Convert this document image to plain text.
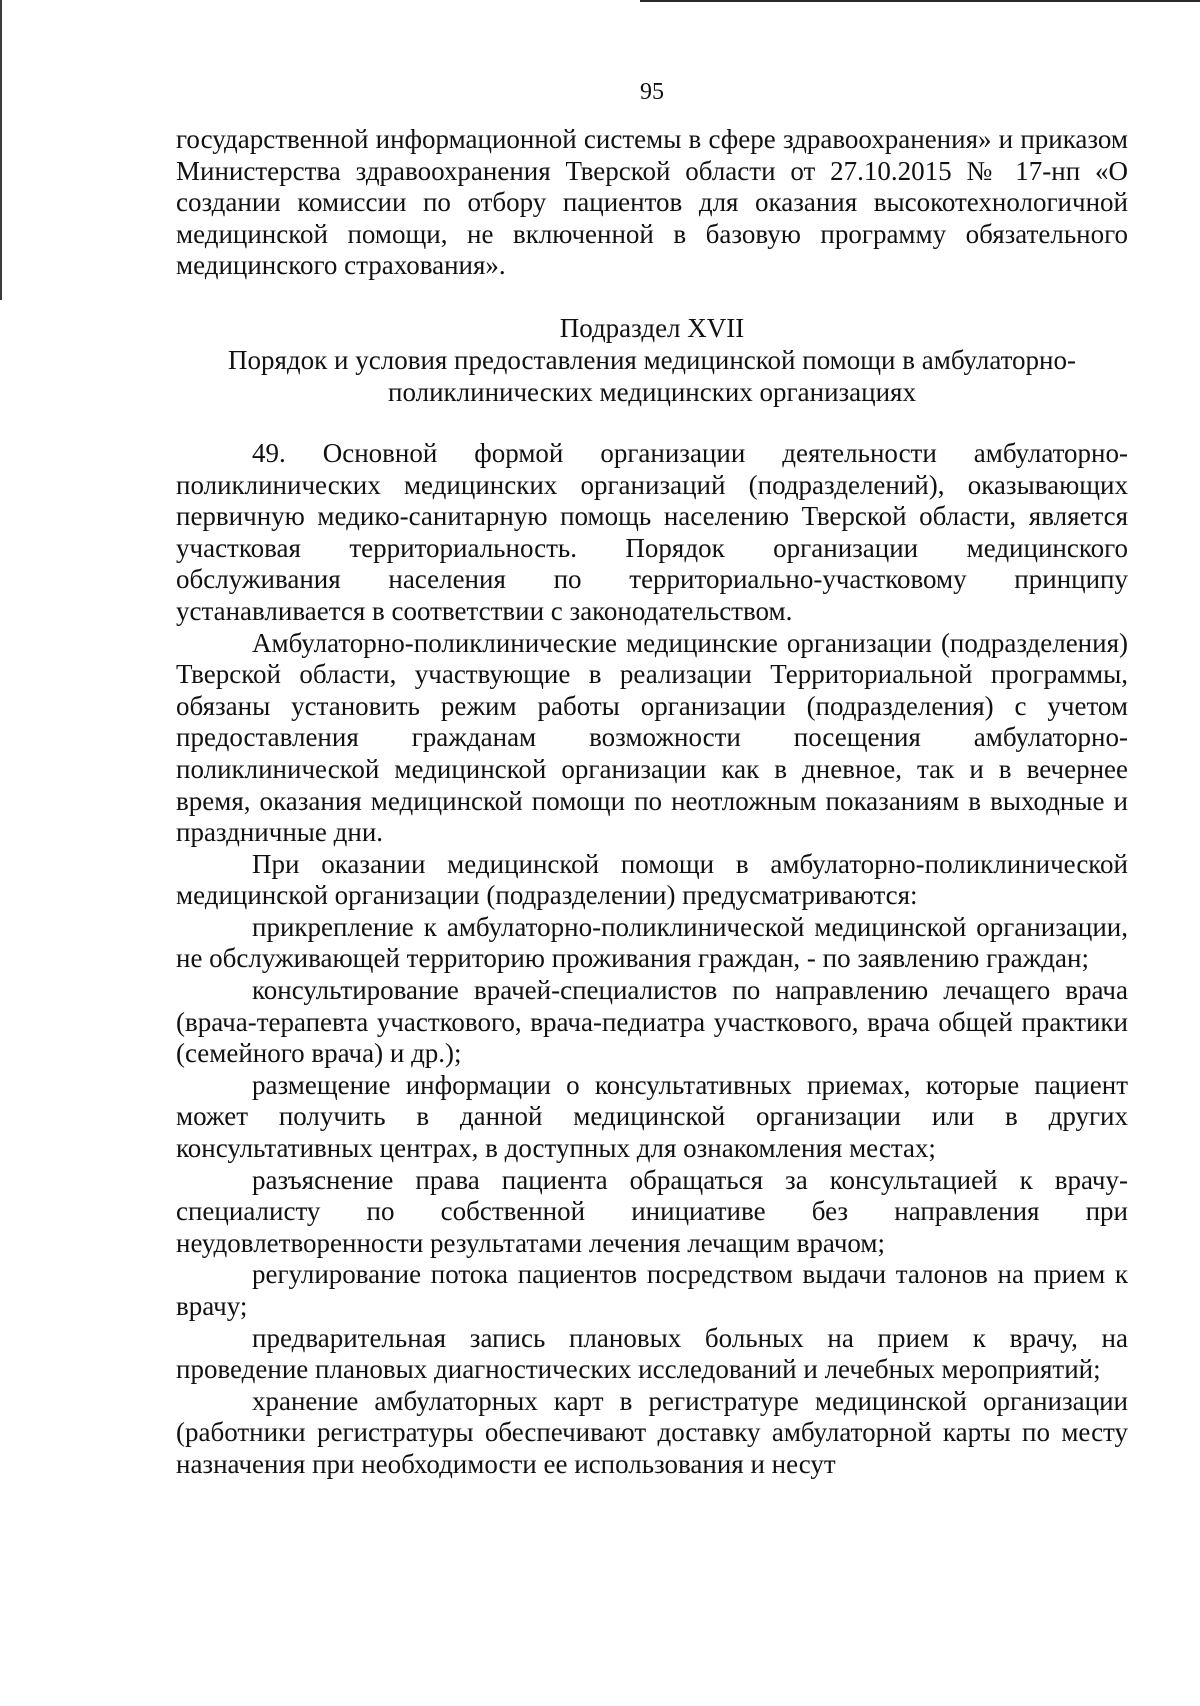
95

государственной информационной системы в сфере здравоохранения» и приказом Министерства здравоохранения Тверской области от 27.10.2015 № 17-нп «О создании комиссии по отбору пациентов для оказания высокотехнологичной медицинской помощи, не включенной в базовую программу обязательного медицинского страхования».

Подраздел XVII
Порядок и условия предоставления медицинской помощи в амбулаторно-поликлинических медицинских организациях

49. Основной формой организации деятельности амбулаторно-поликлинических медицинских организаций (подразделений), оказывающих первичную медико-санитарную помощь населению Тверской области, является участковая территориальность. Порядок организации медицинского обслуживания населения по территориально-участковому принципу устанавливается в соответствии с законодательством.

Амбулаторно-поликлинические медицинские организации (подразделения) Тверской области, участвующие в реализации Территориальной программы, обязаны установить режим работы организации (подразделения) с учетом предоставления гражданам возможности посещения амбулаторно-поликлинической медицинской организации как в дневное, так и в вечернее время, оказания медицинской помощи по неотложным показаниям в выходные и праздничные дни.

При оказании медицинской помощи в амбулаторно-поликлинической медицинской организации (подразделении) предусматриваются:

прикрепление к амбулаторно-поликлинической медицинской организации, не обслуживающей территорию проживания граждан, - по заявлению граждан;

консультирование врачей-специалистов по направлению лечащего врача (врача-терапевта участкового, врача-педиатра участкового, врача общей практики (семейного врача) и др.);

размещение информации о консультативных приемах, которые пациент может получить в данной медицинской организации или в других консультативных центрах, в доступных для ознакомления местах;

разъяснение права пациента обращаться за консультацией к врачу-специалисту по собственной инициативе без направления при неудовлетворенности результатами лечения лечащим врачом;

регулирование потока пациентов посредством выдачи талонов на прием к врачу;

предварительная запись плановых больных на прием к врачу, на проведение плановых диагностических исследований и лечебных мероприятий;

хранение амбулаторных карт в регистратуре медицинской организации (работники регистратуры обеспечивают доставку амбулаторной карты по месту назначения при необходимости ее использования и несут
